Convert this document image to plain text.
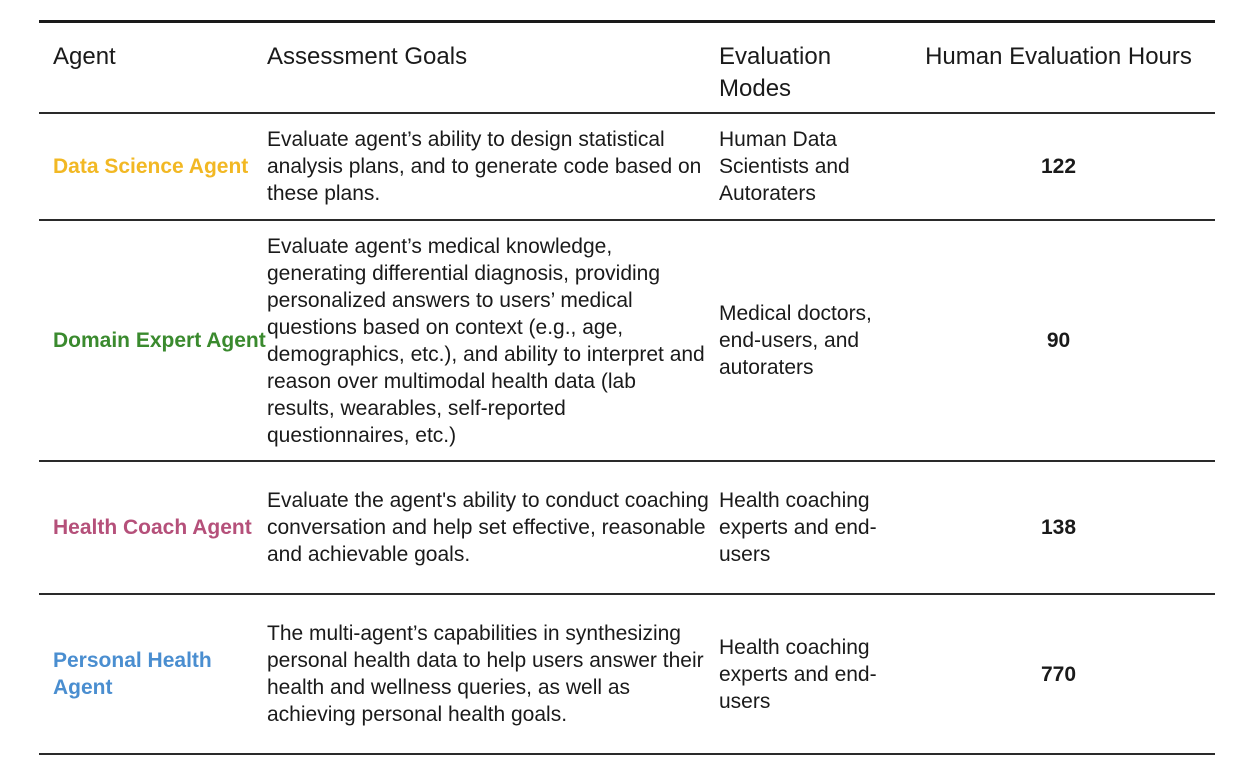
Agent	Assessment Goals	Evaluation Modes
Human Evaluation Hours
Data Science Agent
Evaluate agent’s ability to design statistical analysis plans, and to generate code based on these plans.
Human Data Scientists and Autoraters
122
Domain Expert Agent
Evaluate agent’s medical knowledge, generating differential diagnosis, providing personalized answers to users’ medical questions based on context (e.g., age, demographics, etc.), and ability to interpret and reason over multimodal health data (lab results, wearables, self-reported questionnaires, etc.)
Medical doctors, end-users, and autoraters
90
Health Coach Agent
Evaluate the agent's ability to conduct coaching conversation and help set effective, reasonable and achievable goals.
Health coaching experts and end-users
138
Personal Health Agent
The multi-agent’s capabilities in synthesizing personal health data to help users answer their health and wellness queries, as well as achieving personal health goals.
Health coaching experts and end-users
770
